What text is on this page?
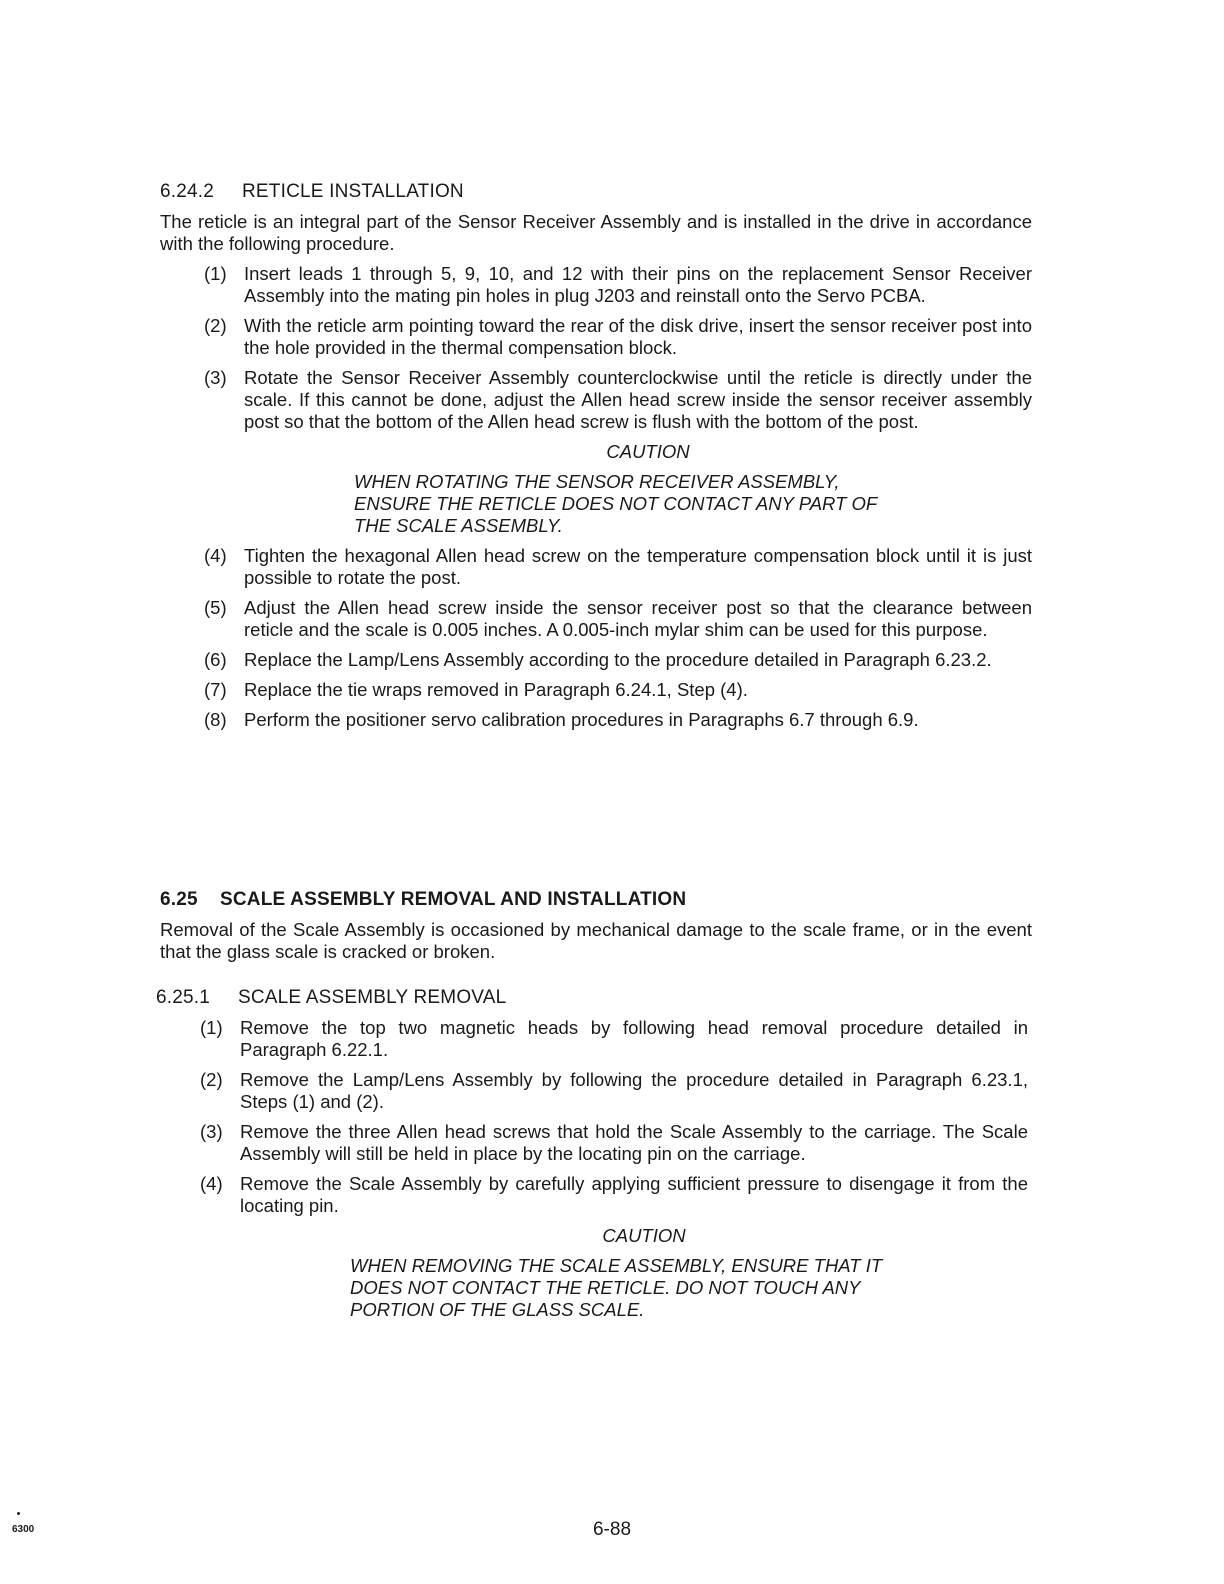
6.24.2 RETICLE INSTALLATION
The reticle is an integral part of the Sensor Receiver Assembly and is installed in the drive in accordance with the following procedure.
(1) Insert leads 1 through 5, 9, 10, and 12 with their pins on the replacement Sensor Receiver Assembly into the mating pin holes in plug J203 and reinstall onto the Servo PCBA.
(2) With the reticle arm pointing toward the rear of the disk drive, insert the sensor receiver post into the hole provided in the thermal compensation block.
(3) Rotate the Sensor Receiver Assembly counterclockwise until the reticle is directly under the scale. If this cannot be done, adjust the Allen head screw inside the sensor receiver assembly post so that the bottom of the Allen head screw is flush with the bottom of the post.
CAUTION
WHEN ROTATING THE SENSOR RECEIVER ASSEMBLY, ENSURE THE RETICLE DOES NOT CONTACT ANY PART OF THE SCALE ASSEMBLY.
(4) Tighten the hexagonal Allen head screw on the temperature compensation block until it is just possible to rotate the post.
(5) Adjust the Allen head screw inside the sensor receiver post so that the clearance between reticle and the scale is 0.005 inches. A 0.005-inch mylar shim can be used for this purpose.
(6) Replace the Lamp/Lens Assembly according to the procedure detailed in Paragraph 6.23.2.
(7) Replace the tie wraps removed in Paragraph 6.24.1, Step (4).
(8) Perform the positioner servo calibration procedures in Paragraphs 6.7 through 6.9.
6.25 SCALE ASSEMBLY REMOVAL AND INSTALLATION
Removal of the Scale Assembly is occasioned by mechanical damage to the scale frame, or in the event that the glass scale is cracked or broken.
6.25.1 SCALE ASSEMBLY REMOVAL
(1) Remove the top two magnetic heads by following head removal procedure detailed in Paragraph 6.22.1.
(2) Remove the Lamp/Lens Assembly by following the procedure detailed in Paragraph 6.23.1, Steps (1) and (2).
(3) Remove the three Allen head screws that hold the Scale Assembly to the carriage. The Scale Assembly will still be held in place by the locating pin on the carriage.
(4) Remove the Scale Assembly by carefully applying sufficient pressure to disengage it from the locating pin.
CAUTION
WHEN REMOVING THE SCALE ASSEMBLY, ENSURE THAT IT DOES NOT CONTACT THE RETICLE. DO NOT TOUCH ANY PORTION OF THE GLASS SCALE.
6300	6-88
